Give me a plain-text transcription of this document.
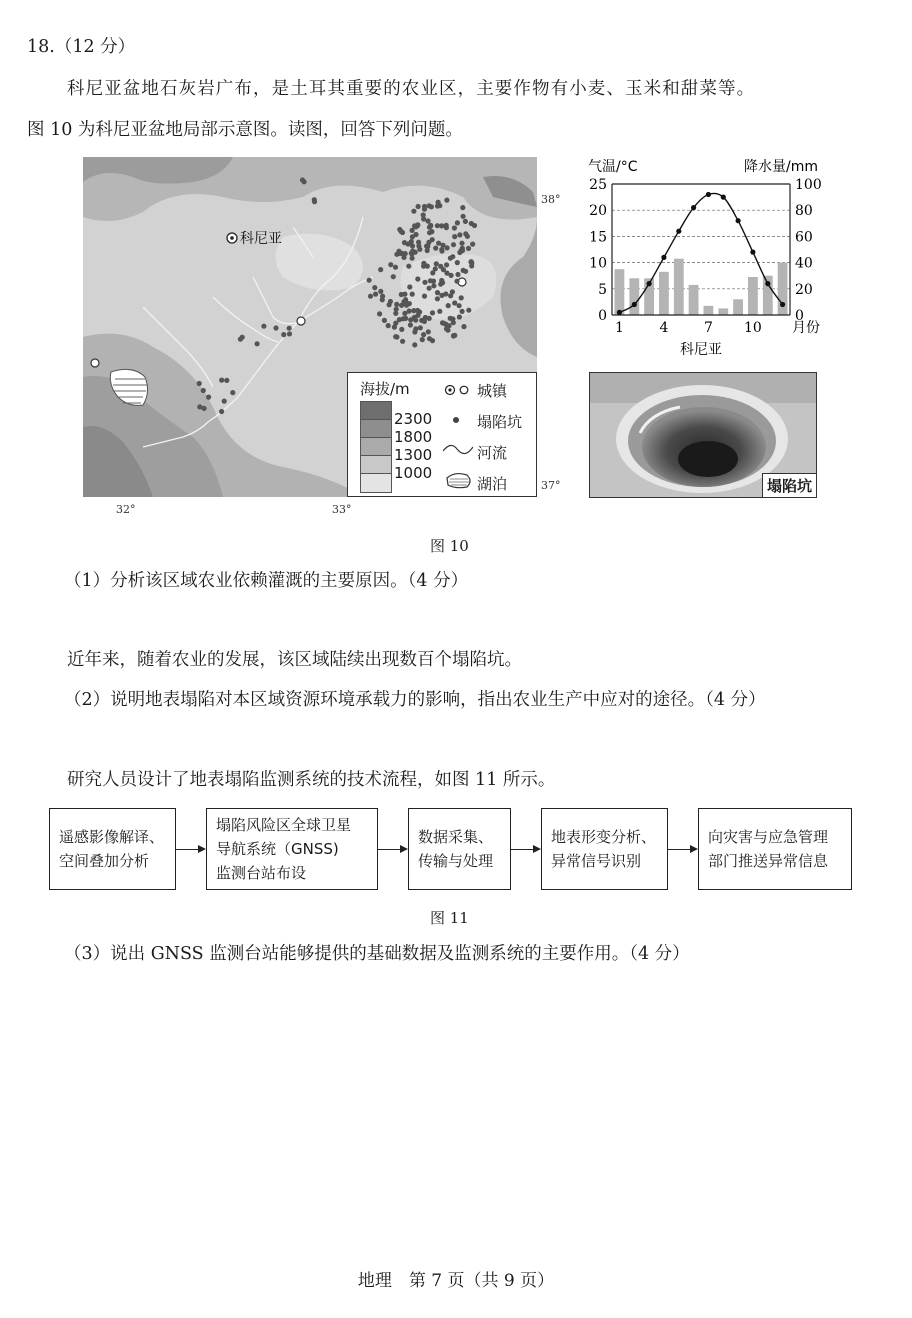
18.（12 分）
科尼亚盆地石灰岩广布，是土耳其重要的农业区，主要作物有小麦、玉米和甜菜等。
图 10 为科尼亚盆地局部示意图。读图，回答下列问题。
科尼亚
38°
37°
32°	33°
海拔/m
2300
1800
1300
1000
城镇
塌陷坑
河流
湖泊
气温/°C	降水量/mm
0
5
10
15
20
25
0
20
40
60
80
100
1	4	7 10 月份
科尼亚
塌陷坑
图 10
（1）分析该区域农业依赖灌溉的主要原因。（4 分）
近年来，随着农业的发展，该区域陆续出现数百个塌陷坑。
（2）说明地表塌陷对本区域资源环境承载力的影响，指出农业生产中应对的途径。（4 分）
研究人员设计了地表塌陷监测系统的技术流程，如图 11 所示。
遥感影像解译、
空间叠加分析
塌陷风险区全球卫星
导航系统（GNSS)
监测台站布设
数据采集、
传输与处理
地表形变分析、
异常信号识别
向灾害与应急管理
部门推送异常信息
图 11
（3）说出 GNSS 监测台站能够提供的基础数据及监测系统的主要作用。（4 分）
地理　第 7 页（共 9 页）
